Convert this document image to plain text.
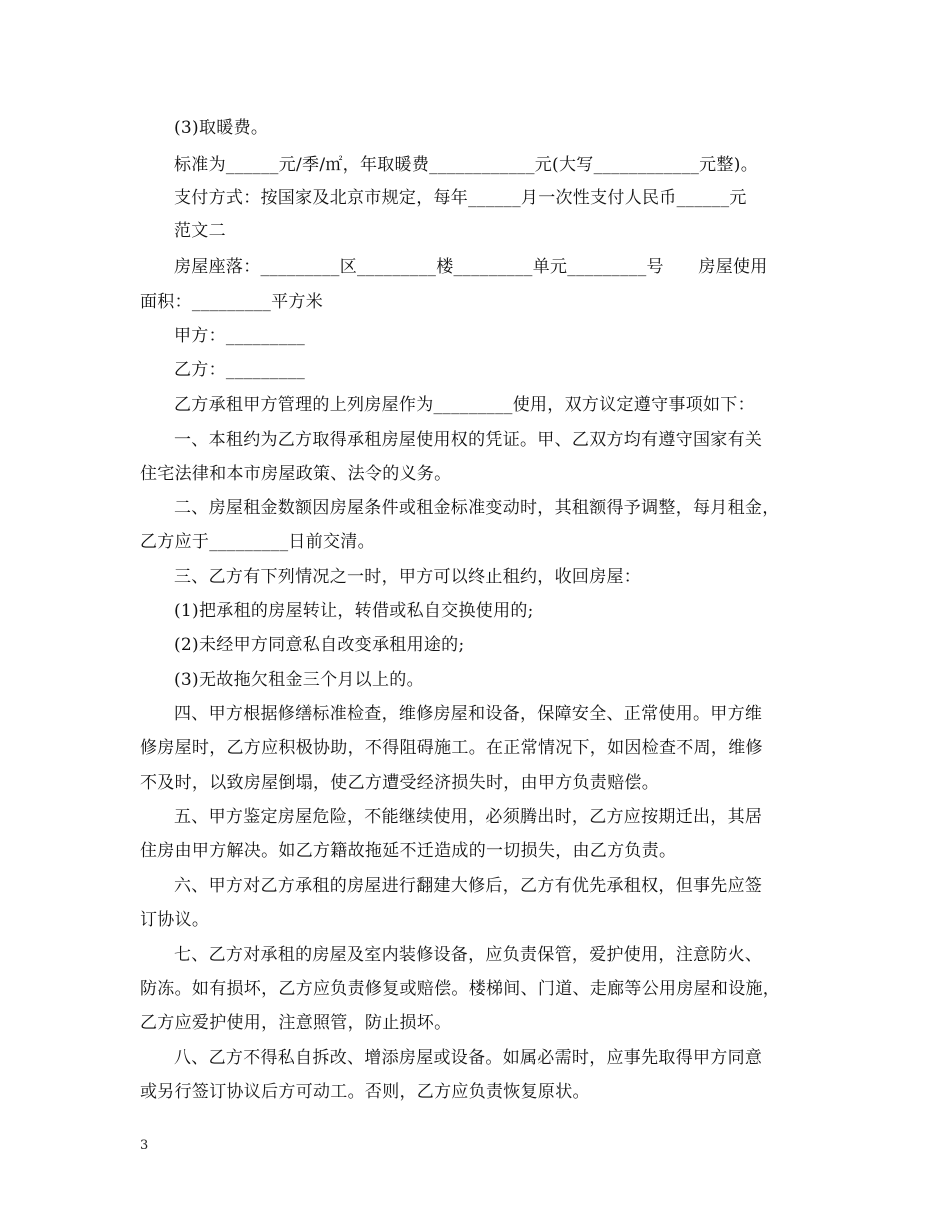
(3)取暖费。
标准为______元/季/㎡，年取暖费____________元(大写____________元整)。
支付方式：按国家及北京市规定，每年______月一次性支付人民币______元
范文二
房屋座落：_________区_________楼_________单元_________号　　房屋使用
面积：_________平方米
甲方：_________
乙方：_________
乙方承租甲方管理的上列房屋作为_________使用，双方议定遵守事项如下：
一、本租约为乙方取得承租房屋使用权的凭证。甲、乙双方均有遵守国家有关
住宅法律和本市房屋政策、法令的义务。
二、房屋租金数额因房屋条件或租金标准变动时，其租额得予调整，每月租金，
乙方应于_________日前交清。
三、乙方有下列情况之一时，甲方可以终止租约，收回房屋：
(1)把承租的房屋转让，转借或私自交换使用的;
(2)未经甲方同意私自改变承租用途的;
(3)无故拖欠租金三个月以上的。
四、甲方根据修缮标准检查，维修房屋和设备，保障安全、正常使用。甲方维
修房屋时，乙方应积极协助，不得阻碍施工。在正常情况下，如因检查不周，维修
不及时，以致房屋倒塌，使乙方遭受经济损失时，由甲方负责赔偿。
五、甲方鉴定房屋危险，不能继续使用，必须腾出时，乙方应按期迁出，其居
住房由甲方解决。如乙方籍故拖延不迁造成的一切损失，由乙方负责。
六、甲方对乙方承租的房屋进行翻建大修后，乙方有优先承租权，但事先应签
订协议。
七、乙方对承租的房屋及室内装修设备，应负责保管，爱护使用，注意防火、
防冻。如有损坏，乙方应负责修复或赔偿。楼梯间、门道、走廊等公用房屋和设施，
乙方应爱护使用，注意照管，防止损坏。
八、乙方不得私自拆改、增添房屋或设备。如属必需时，应事先取得甲方同意
或另行签订协议后方可动工。否则，乙方应负责恢复原状。
3
